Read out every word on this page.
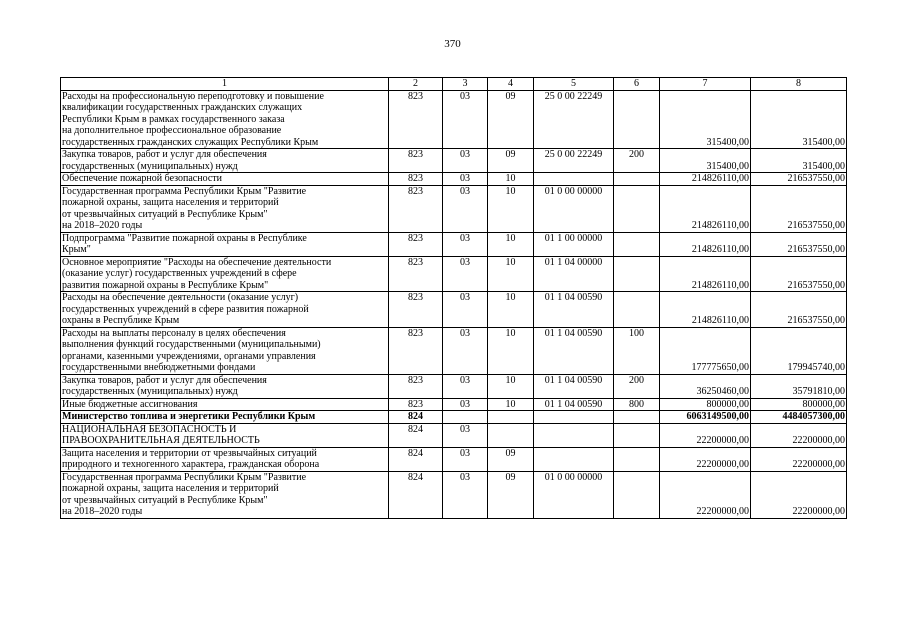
370
1	2	3	4	5	6	7	8

Расходы на профессиональную переподготовку и повышение
квалификации государственных гражданских служащих
Республики Крым в рамках государственного заказа
на дополнительное профессиональное образование
государственных гражданских служащих Республики Крым	823	03	09	25 0 00 22249		315400,00	315400,00

Закупка товаров, работ и услуг для обеспечения
государственных (муниципальных) нужд	823	03	09	25 0 00 22249	200	315400,00	315400,00

Обеспечение пожарной безопасности	823	03	10			214826110,00	216537550,00

Государственная программа Республики Крым "Развитие
пожарной охраны, защита населения и территорий
от чрезвычайных ситуаций в Республике Крым"
на 2018–2020 годы	823	03	10	01 0 00 00000		214826110,00	216537550,00

Подпрограмма "Развитие пожарной охраны в Республике
Крым"	823	03	10	01 1 00 00000		214826110,00	216537550,00

Основное мероприятие "Расходы на обеспечение деятельности
(оказание услуг) государственных учреждений в сфере
развития пожарной охраны в Республике Крым"	823	03	10	01 1 04 00000		214826110,00	216537550,00

Расходы на обеспечение деятельности (оказание услуг)
государственных учреждений в сфере развития пожарной
охраны в Республике Крым	823	03	10	01 1 04 00590		214826110,00	216537550,00

Расходы на выплаты персоналу в целях обеспечения
выполнения функций государственными (муниципальными)
органами, казенными учреждениями, органами управления
государственными внебюджетными фондами	823	03	10	01 1 04 00590	100	177775650,00	179945740,00

Закупка товаров, работ и услуг для обеспечения
государственных (муниципальных) нужд	823	03	10	01 1 04 00590	200	36250460,00	35791810,00

Иные бюджетные ассигнования	823	03	10	01 1 04 00590	800	800000,00	800000,00

Министерство топлива и энергетики Республики Крым	824					6063149500,00	4484057300,00

НАЦИОНАЛЬНАЯ БЕЗОПАСНОСТЬ И
ПРАВООХРАНИТЕЛЬНАЯ ДЕЯТЕЛЬНОСТЬ	824	03				22200000,00	22200000,00

Защита населения и территории от чрезвычайных ситуаций
природного и техногенного характера, гражданская оборона	824	03	09			22200000,00	22200000,00

Государственная программа Республики Крым "Развитие
пожарной охраны, защита населения и территорий
от чрезвычайных ситуаций в Республике Крым"
на 2018–2020 годы	824	03	09	01 0 00 00000		22200000,00	22200000,00
